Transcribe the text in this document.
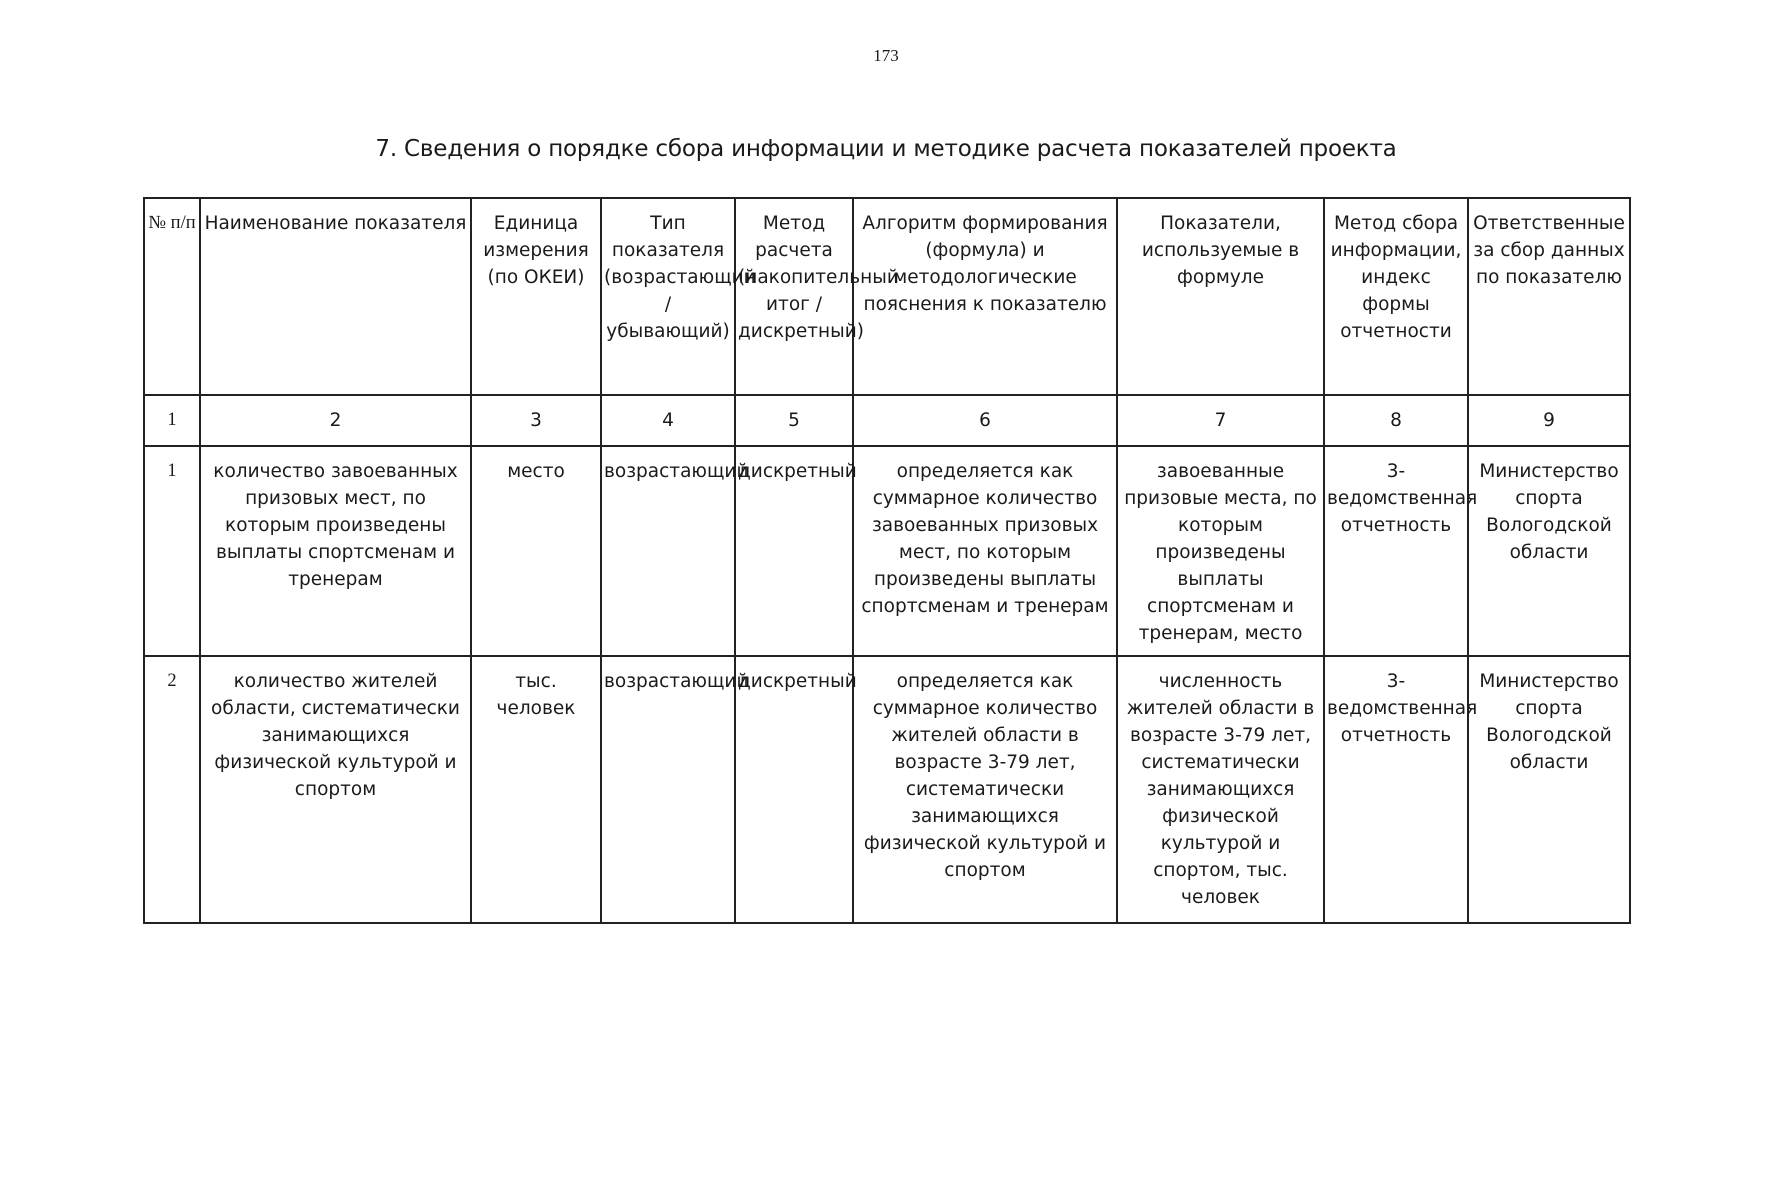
173
7. Сведения о порядке сбора информации и методике расчета показателей проекта
№ п/п	Наименование показателя	Единица измерения (по ОКЕИ)	Тип показателя (возрастающий / убывающий)	Метод расчета (накопительный итог / дискретный)	Алгоритм формирования (формула) и методологические пояснения к показателю	Показатели, используемые в формуле	Метод сбора информации, индекс формы отчетности	Ответственные за сбор данных по показателю
1	2	3	4	5	6	7	8	9
1	количество завоеванных призовых мест, по которым произведены выплаты спортсменам и тренерам	место	возрастающий	дискретный	определяется как суммарное количество завоеванных призовых мест, по которым произведены выплаты спортсменам и тренерам	завоеванные призовые места, по которым произведены выплаты спортсменам и тренерам, место	3- ведомственная отчетность	Министерство спорта Вологодской области
2	количество жителей области, систематически занимающихся физической культурой и спортом	тыс. человек	возрастающий	дискретный	определяется как суммарное количество жителей области в возрасте 3-79 лет, систематически занимающихся физической культурой и спортом	численность жителей области в возрасте 3-79 лет, систематически занимающихся физической культурой и спортом, тыс. человек	3- ведомственная отчетность	Министерство спорта Вологодской области
